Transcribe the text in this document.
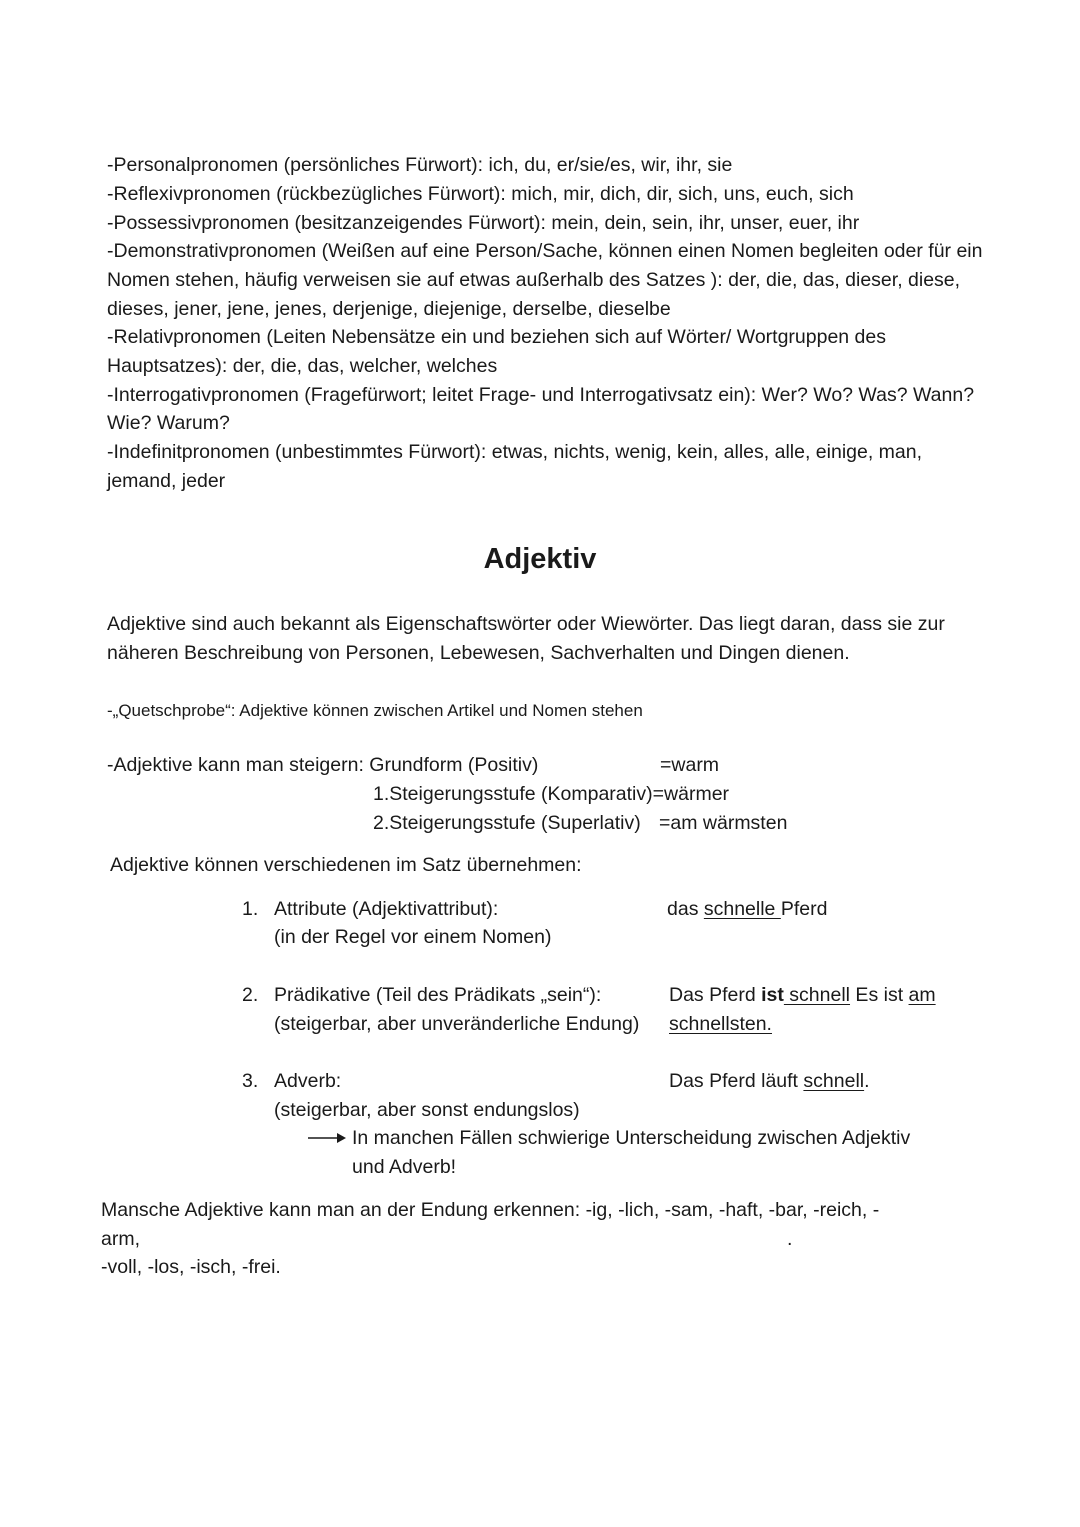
-Personalpronomen (persönliches Fürwort): ich, du, er/sie/es, wir, ihr, sie
-Reflexivpronomen (rückbezügliches Fürwort): mich, mir, dich, dir, sich, uns, euch, sich
-Possessivpronomen (besitzanzeigendes Fürwort): mein, dein, sein, ihr, unser, euer, ihr
-Demonstrativpronomen (Weißen auf eine Person/Sache, können einen Nomen begleiten oder für ein
Nomen stehen, häufig verweisen sie auf etwas außerhalb des Satzes ): der, die, das, dieser, diese,
dieses, jener, jene, jenes, derjenige, diejenige, derselbe, dieselbe
-Relativpronomen (Leiten Nebensätze ein und beziehen sich auf Wörter/ Wortgruppen des
Hauptsatzes): der, die, das, welcher, welches
-Interrogativpronomen (Fragefürwort; leitet Frage- und Interrogativsatz ein): Wer? Wo? Was? Wann?
Wie? Warum?
-Indefinitpronomen (unbestimmtes Fürwort): etwas, nichts, wenig, kein, alles, alle, einige, man,
jemand, jeder
Adjektiv
Adjektive sind auch bekannt als Eigenschaftswörter oder Wiewörter. Das liegt daran, dass sie zur
näheren Beschreibung von Personen, Lebewesen, Sachverhalten und Dingen dienen.
-„Quetschprobe“: Adjektive können zwischen Artikel und Nomen stehen
-Adjektive kann man steigern: Grundform (Positiv)	=warm
1.Steigerungsstufe (Komparativ)=wärmer
2.Steigerungsstufe (Superlativ) =am wärmsten
Adjektive können verschiedenen im Satz übernehmen:
1. Attribute (Adjektivattribut):
(in der Regel vor einem Nomen)
das schnelle Pferd
2. Prädikative (Teil des Prädikats „sein“):
(steigerbar, aber unveränderliche Endung)
Das Pferd ist schnell Es ist am
schnellsten.
3. Adverb:
(steigerbar, aber sonst endungslos)
Das Pferd läuft schnell.
In manchen Fällen schwierige Unterscheidung zwischen Adjektiv
und Adverb!
Mansche Adjektive kann man an der Endung erkennen: -ig, -lich, -sam, -haft, -bar, -reich, -
arm,	.
-voll, -los, -isch, -frei.
